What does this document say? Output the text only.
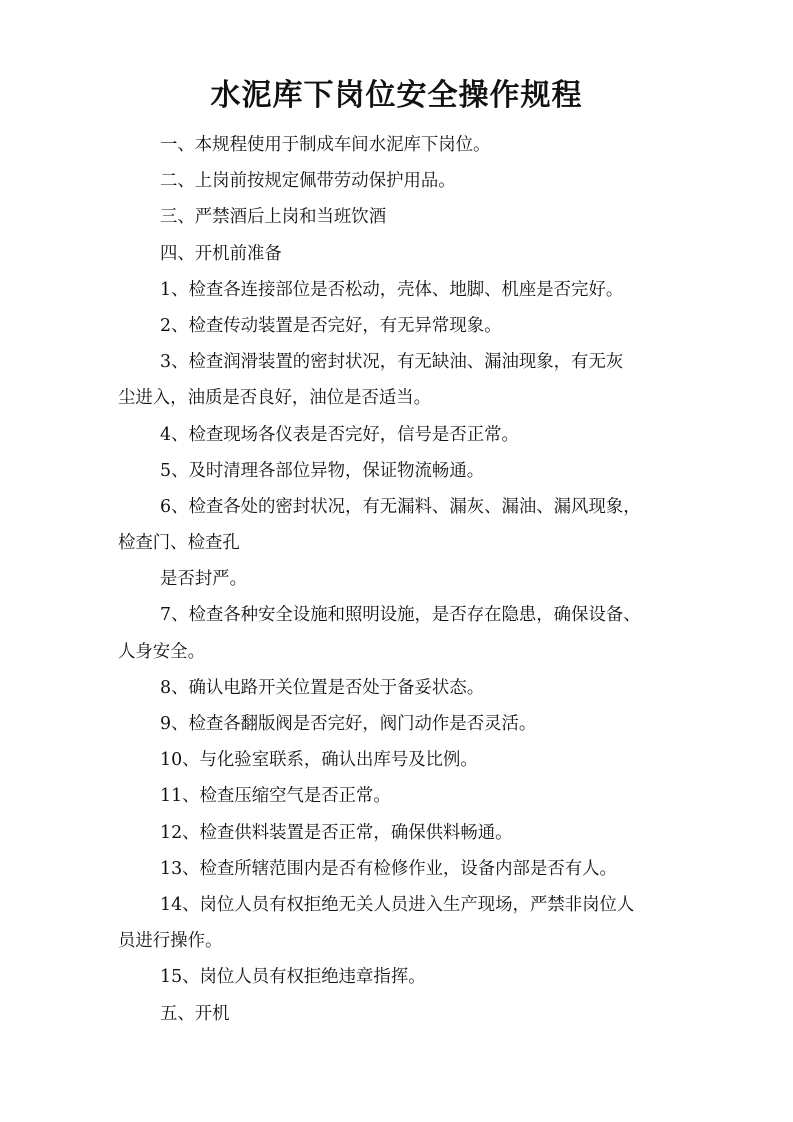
水泥库下岗位安全操作规程
一、本规程使用于制成车间水泥库下岗位。
二、上岗前按规定佩带劳动保护用品。
三、严禁酒后上岗和当班饮酒
四、开机前准备
1、检查各连接部位是否松动，壳体、地脚、机座是否完好。
2、检查传动装置是否完好，有无异常现象。
3、检查润滑装置的密封状况，有无缺油、漏油现象，有无灰
尘进入，油质是否良好，油位是否适当。
4、检查现场各仪表是否完好，信号是否正常。
5、及时清理各部位异物，保证物流畅通。
6、检查各处的密封状况，有无漏料、漏灰、漏油、漏风现象，
检查门、检查孔
是否封严。
7、检查各种安全设施和照明设施，是否存在隐患，确保设备、
人身安全。
8、确认电路开关位置是否处于备妥状态。
9、检查各翻版阀是否完好，阀门动作是否灵活。
10、与化验室联系，确认出库号及比例。
11、检查压缩空气是否正常。
12、检查供料装置是否正常，确保供料畅通。
13、检查所辖范围内是否有检修作业，设备内部是否有人。
14、岗位人员有权拒绝无关人员进入生产现场，严禁非岗位人
员进行操作。
15、岗位人员有权拒绝违章指挥。
五、开机
